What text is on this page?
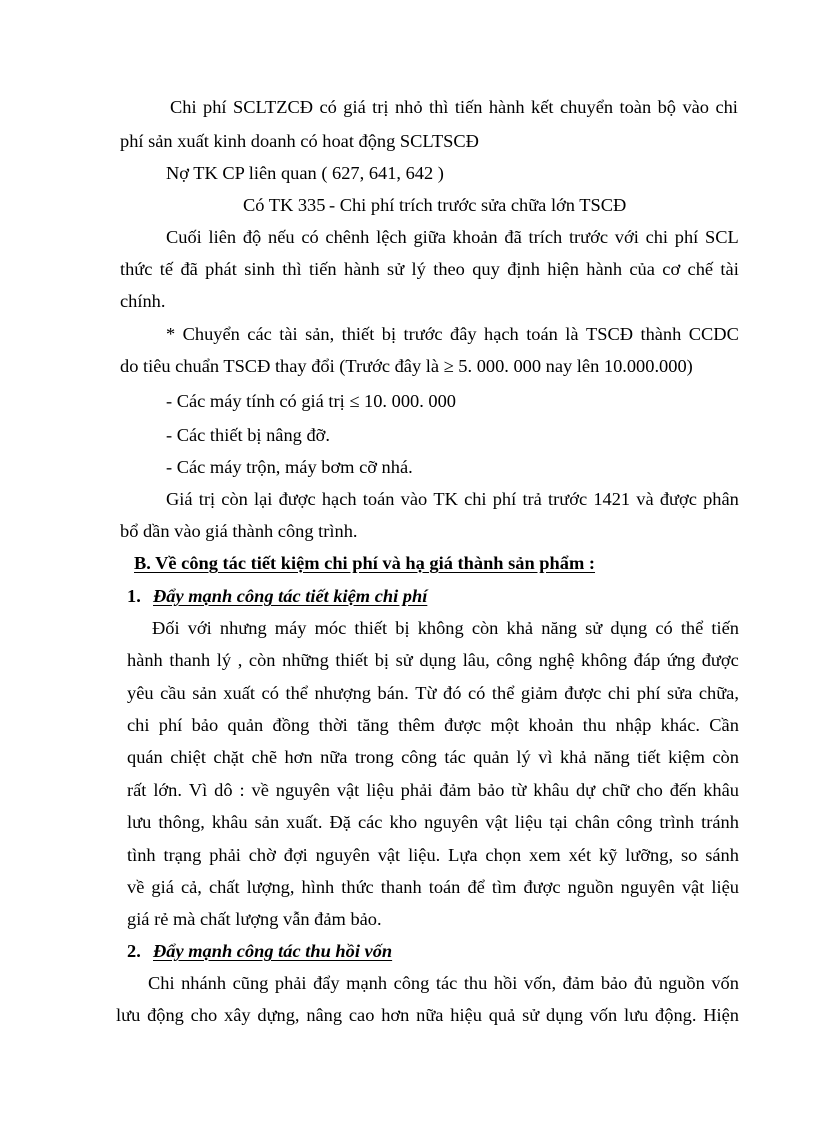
Chi phí SCLTZCĐ có giá trị nhỏ thì tiến hành kết chuyển toàn bộ vào chi
phí sản xuất kinh doanh có hoat động SCLTSCĐ
Nợ TK CP liên quan ( 627, 641, 642 )
Có TK 335 - Chi phí trích trước sửa chữa lớn TSCĐ
Cuối liên độ nếu có chênh lệch giữa khoản đã trích trước với chi phí SCL
thức tế đã phát sinh thì tiến hành sử lý theo quy định hiện hành của cơ chế tài
chính.
* Chuyển các tài sản, thiết bị trước đây hạch toán là TSCĐ thành CCDC
do tiêu chuẩn TSCĐ thay đổi (Trước đây là ≥ 5. 000. 000 nay lên 10.000.000)
- Các máy tính có giá trị ≤ 10. 000. 000
- Các thiết bị nâng đỡ.
- Các máy trộn, máy bơm cỡ nhá.
Giá trị còn lại được hạch toán vào TK chi phí trả trước 1421 và được phân
bổ dần vào giá thành công trình.
B. Về công tác tiết kiệm chi phí và hạ giá thành sản phẩm :
1. Đẩy mạnh công tác tiết kiệm chi phí
Đối với nhưng máy móc thiết bị không còn khả năng sử dụng có thể tiến
hành thanh lý , còn những thiết bị sử dụng lâu, công nghệ không đáp ứng được
yêu cầu sản xuất có thể nhượng bán. Từ đó có thể giảm được chi phí sửa chữa,
chi phí bảo quản đồng thời tăng thêm được một khoản thu nhập khác. Cần
quán chiệt chặt chẽ hơn nữa trong công tác quản lý vì khả năng tiết kiệm còn
rất lớn. Vì dô : về nguyên vật liệu phải đảm bảo từ khâu dự chữ cho đến khâu
lưu thông, khâu sản xuất. Đặ các kho nguyên vật liệu tại chân công trình tránh
tình trạng phải chờ đợi nguyên vật liệu. Lựa chọn xem xét kỹ lưỡng, so sánh
về giá cả, chất lượng, hình thức thanh toán để tìm được nguồn nguyên vật liệu
giá rẻ mà chất lượng vẫn đảm bảo.
2. Đẩy mạnh công tác thu hồi vốn
Chi nhánh cũng phải đẩy mạnh công tác thu hồi vốn, đảm bảo đủ nguồn vốn
lưu động cho xây dựng, nâng cao hơn nữa hiệu quả sử dụng vốn lưu động. Hiện
